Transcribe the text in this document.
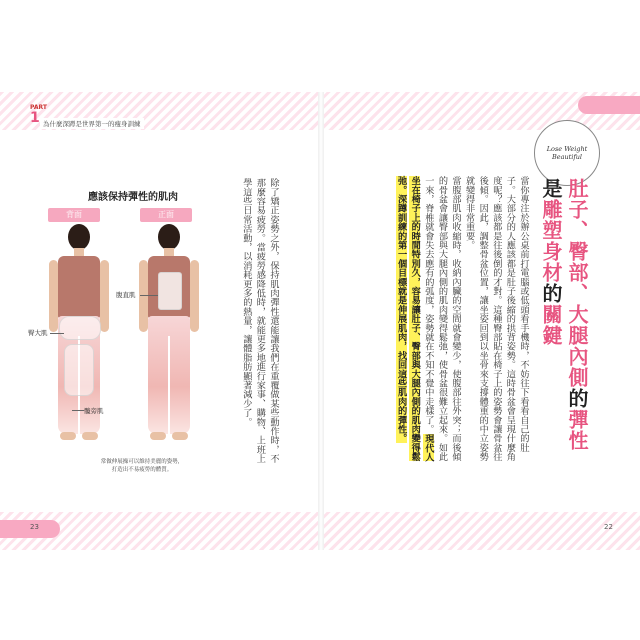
PART
1 為什麼深蹲是世界第一的瘦身訓練
23	22
Lose Weight
Beautiful
肚子、臀部、大腿內側的彈性
是雕塑身材的關鍵
當你專注於辦公桌前打電腦或低頭看手機時，不妨往下看看自己的肚子。大部分的人應該都是肚子後縮的拱背姿勢。這時骨盆會呈現什麼角度呢？應該都是往後倒的才對。這種臀部貼在椅子上的姿勢會讓骨盆往後傾。因此，調整骨盆位置，讓坐姿回到以坐骨來支撐體重的中立姿勢就變得非常重要。
當腹部肌肉收縮時，收納內臟的空間就會變少，使腹部往外突；而後傾的骨盆會讓臀部與大腿內側的肌肉變得鬆弛，使骨盆很難立起來。如此一來，脊椎就會失去應有的弧度，姿勢就在不知不覺中走樣了。現代人坐在椅子上的時間特別久，容易讓肚子、臀部與大腿內側的肌肉變得鬆弛。深蹲訓練的第一個目標就是伸展肌肉，找回這些肌肉的彈性。
除了矯正姿勢之外，保持肌肉彈性還能讓我們在重覆做某些動作時，不那麼容易疲勞。當疲勞感降低時，就能更多地進行家事、購物、上班上學這些日常活動，以消耗更多的熱量，讓體脂肪顯著減少了。
應該保持彈性的肌肉
背面	正面
腹直肌
臀大肌
髖旁肌
常做伸展操可以維持美麗的姿勢，
打造出不易疲勞的體質。
